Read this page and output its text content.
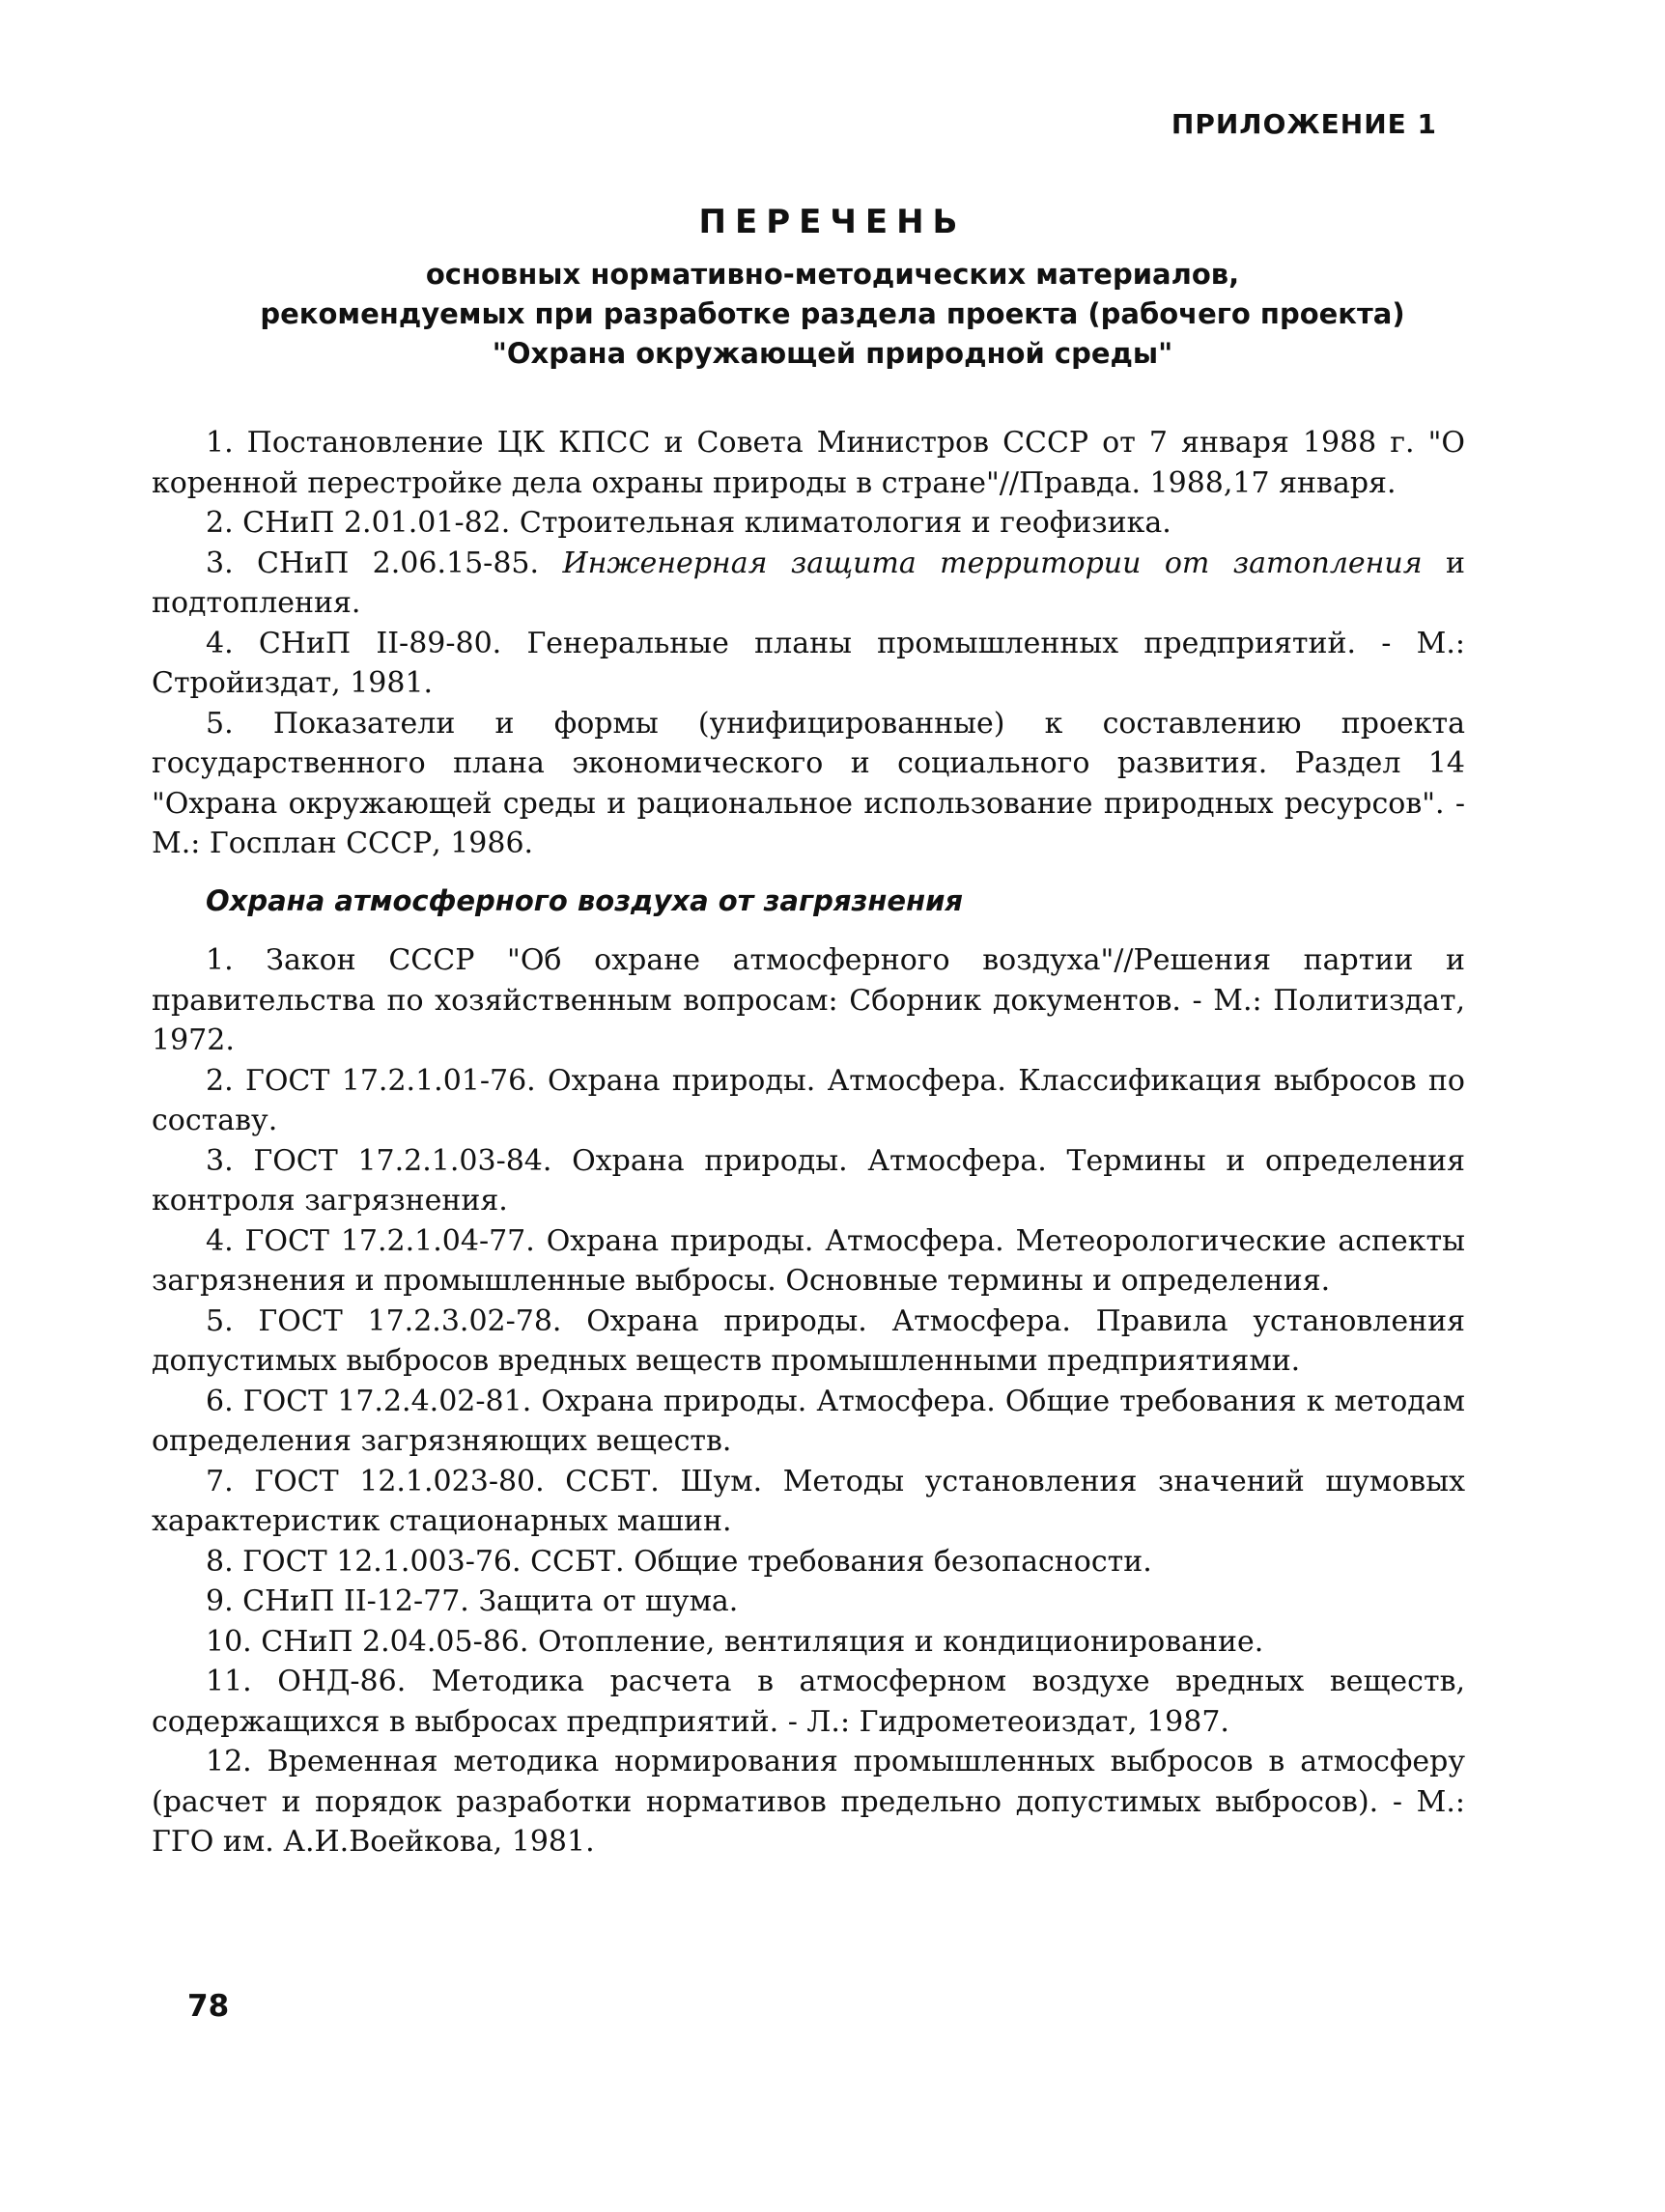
ПРИЛОЖЕНИЕ 1
ПЕРЕЧЕНЬ
основных нормативно-методических материалов,
рекомендуемых при разработке раздела проекта (рабочего проекта)
"Охрана окружающей природной среды"

1. Постановление ЦК КПСС и Совета Министров СССР от 7 января 1988 г. "О коренной перестройке дела охраны природы в стране"//Правда. 1988,17 января.

2. СНиП 2.01.01-82. Строительная климатология и геофизика.

3. СНиП 2.06.15-85. Инженерная защита территории от затопления и подтопления.

4. СНиП II-89-80. Генеральные планы промышленных предприятий. - М.: Стройиздат, 1981.

5. Показатели и формы (унифицированные) к составлению проекта государственного плана экономического и социального развития. Раздел 14 "Охрана окружающей среды и рациональное использование природных ресурсов". - М.: Госплан СССР, 1986.

Охрана атмосферного воздуха от загрязнения

1. Закон СССР "Об охране атмосферного воздуха"//Решения партии и правительства по хозяйственным вопросам: Сборник документов. - М.: Политиздат, 1972.

2. ГОСТ 17.2.1.01-76. Охрана природы. Атмосфера. Классификация выбросов по составу.

3. ГОСТ 17.2.1.03-84. Охрана природы. Атмосфера. Термины и определения контроля загрязнения.

4. ГОСТ 17.2.1.04-77. Охрана природы. Атмосфера. Метеорологические аспекты загрязнения и промышленные выбросы. Основные термины и определения.

5. ГОСТ 17.2.3.02-78. Охрана природы. Атмосфера. Правила установления допустимых выбросов вредных веществ промышленными предприятиями.

6. ГОСТ 17.2.4.02-81. Охрана природы. Атмосфера. Общие требования к методам определения загрязняющих веществ.

7. ГОСТ 12.1.023-80. ССБТ. Шум. Методы установления значений шумовых характеристик стационарных машин.

8. ГОСТ 12.1.003-76. ССБТ. Общие требования безопасности.

9. СНиП II-12-77. Защита от шума.

10. СНиП 2.04.05-86. Отопление, вентиляция и кондиционирование.

11. ОНД-86. Методика расчета в атмосферном воздухе вредных веществ, содержащихся в выбросах предприятий. - Л.: Гидрометеоиздат, 1987.

12. Временная методика нормирования промышленных выбросов в атмосферу (расчет и порядок разработки нормативов предельно допустимых выбросов). - М.: ГГО им. А.И.Воейкова, 1981.

78
